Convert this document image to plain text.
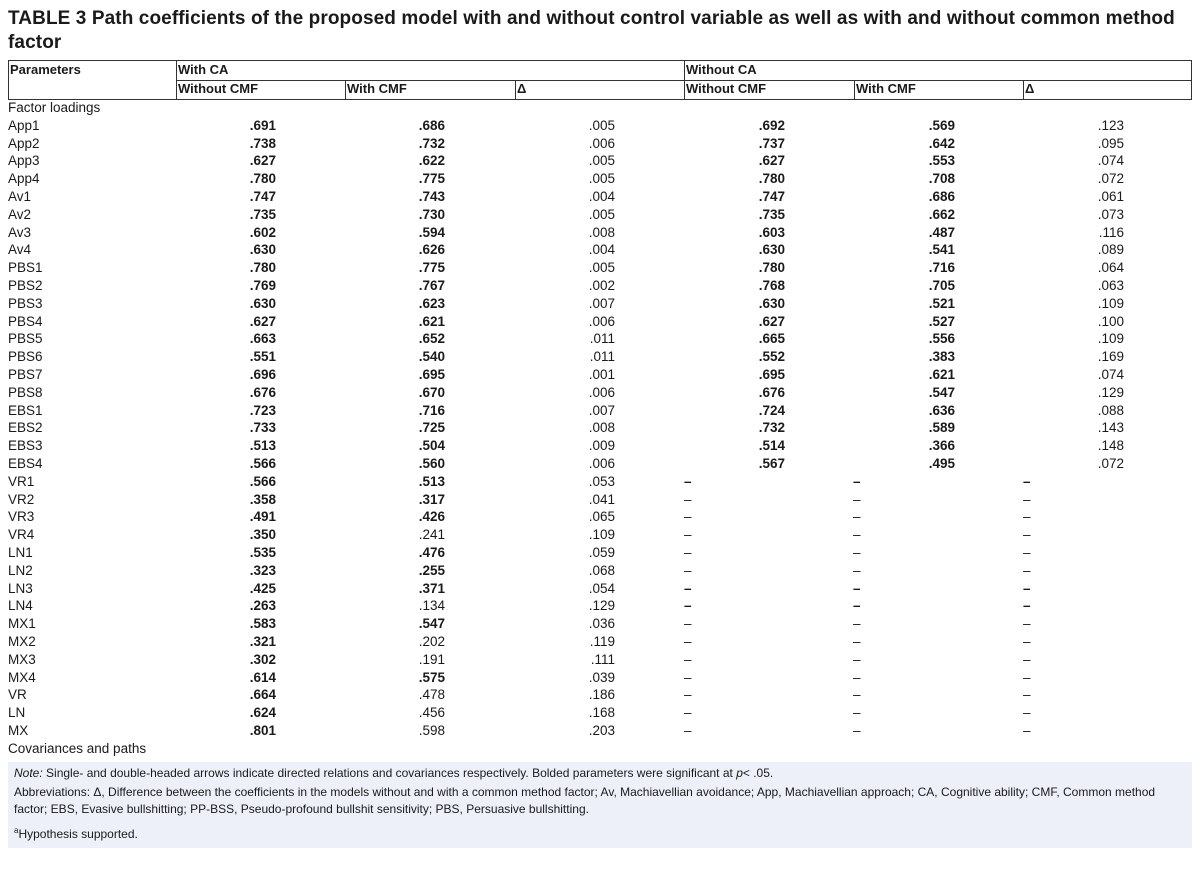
TABLE 3 Path coefficients of the proposed model with and without control variable as well as with and without common method factor
Parameters	With CA	Without CA
Without CMF	With CMF	Δ	Without CMF	With CMF	Δ
Factor loadings
App1	.691	.686	.005	.692	.569	.123
App2	.738	.732	.006	.737	.642	.095
App3	.627	.622	.005	.627	.553	.074
App4	.780	.775	.005	.780	.708	.072
Av1	.747	.743	.004	.747	.686	.061
Av2	.735	.730	.005	.735	.662	.073
Av3	.602	.594	.008	.603	.487	.116
Av4	.630	.626	.004	.630	.541	.089
PBS1	.780	.775	.005	.780	.716	.064
PBS2	.769	.767	.002	.768	.705	.063
PBS3	.630	.623	.007	.630	.521	.109
PBS4	.627	.621	.006	.627	.527	.100
PBS5	.663	.652	.011	.665	.556	.109
PBS6	.551	.540	.011	.552	.383	.169
PBS7	.696	.695	.001	.695	.621	.074
PBS8	.676	.670	.006	.676	.547	.129
EBS1	.723	.716	.007	.724	.636	.088
EBS2	.733	.725	.008	.732	.589	.143
EBS3	.513	.504	.009	.514	.366	.148
EBS4	.566	.560	.006	.567	.495	.072
VR1	.566	.513	.053	–	–	–
VR2	.358	.317	.041	–	–	–
VR3	.491	.426	.065	–	–	–
VR4	.350	.241	.109	–	–	–
LN1	.535	.476	.059	–	–	–
LN2	.323	.255	.068	–	–	–
LN3	.425	.371	.054	–	–	–
LN4	.263	.134	.129	–	–	–
MX1	.583	.547	.036	–	–	–
MX2	.321	.202	.119	–	–	–
MX3	.302	.191	.111	–	–	–
MX4	.614	.575	.039	–	–	–
VR	.664	.478	.186	–	–	–
LN	.624	.456	.168	–	–	–
MX	.801	.598	.203	–	–	–
Covariances and paths

Note: Single- and double-headed arrows indicate directed relations and covariances respectively. Bolded parameters were significant at p< .05.

Abbreviations: Δ, Difference between the coefficients in the models without and with a common method factor; Av, Machiavellian avoidance; App, Machiavellian approach; CA, Cognitive ability; CMF, Common method factor; EBS, Evasive bullshitting; PP-BSS, Pseudo-profound bullshit sensitivity; PBS, Persuasive bullshitting.

$^a$Hypothesis supported.
